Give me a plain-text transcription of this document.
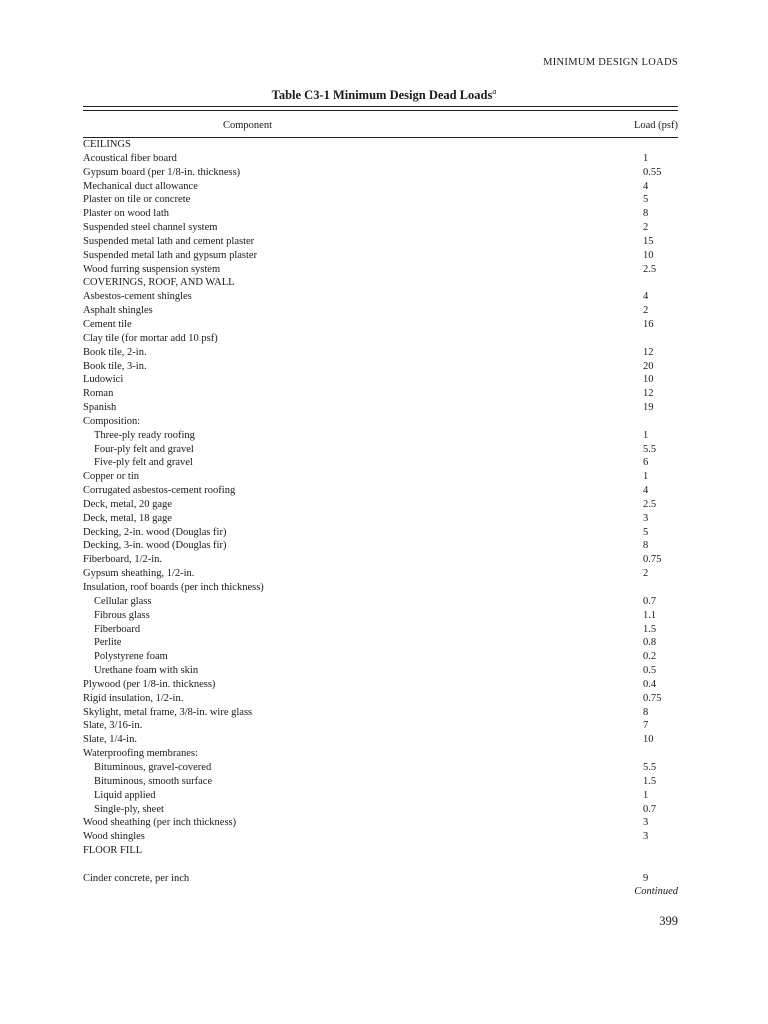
MINIMUM DESIGN LOADS
Table C3-1 Minimum Design Dead Loads$^a$
Component	Load (psf)
CEILINGS
Acoustical fiber board	1
Gypsum board (per 1/8-in. thickness)	0.55
Mechanical duct allowance	4
Plaster on tile or concrete	5
Plaster on wood lath	8
Suspended steel channel system	2
Suspended metal lath and cement plaster	15
Suspended metal lath and gypsum plaster	10
Wood furring suspension system	2.5
COVERINGS, ROOF, AND WALL
Asbestos-cement shingles	4
Asphalt shingles	2
Cement tile	16
Clay tile (for mortar add 10 psf)
Book tile, 2-in.	12
Book tile, 3-in.	20
Ludowici	10
Roman	12
Spanish	19
Composition:
Three-ply ready roofing	1
Four-ply felt and gravel	5.5
Five-ply felt and gravel	6
Copper or tin	1
Corrugated asbestos-cement roofing	4
Deck, metal, 20 gage	2.5
Deck, metal, 18 gage	3
Decking, 2-in. wood (Douglas fir)	5
Decking, 3-in. wood (Douglas fir)	8
Fiberboard, 1/2-in.	0.75
Gypsum sheathing, 1/2-in.	2
Insulation, roof boards (per inch thickness)
Cellular glass	0.7
Fibrous glass	1.1
Fiberboard	1.5
Perlite	0.8
Polystyrene foam	0.2
Urethane foam with skin	0.5
Plywood (per 1/8-in. thickness)	0.4
Rigid insulation, 1/2-in.	0.75
Skylight, metal frame, 3/8-in. wire glass	8
Slate, 3/16-in.	7
Slate, 1/4-in.	10
Waterproofing membranes:
Bituminous, gravel-covered	5.5
Bituminous, smooth surface	1.5
Liquid applied	1
Single-ply, sheet	0.7
Wood sheathing (per inch thickness)	3
Wood shingles	3
FLOOR FILL
Cinder concrete, per inch	9
Continued
399
